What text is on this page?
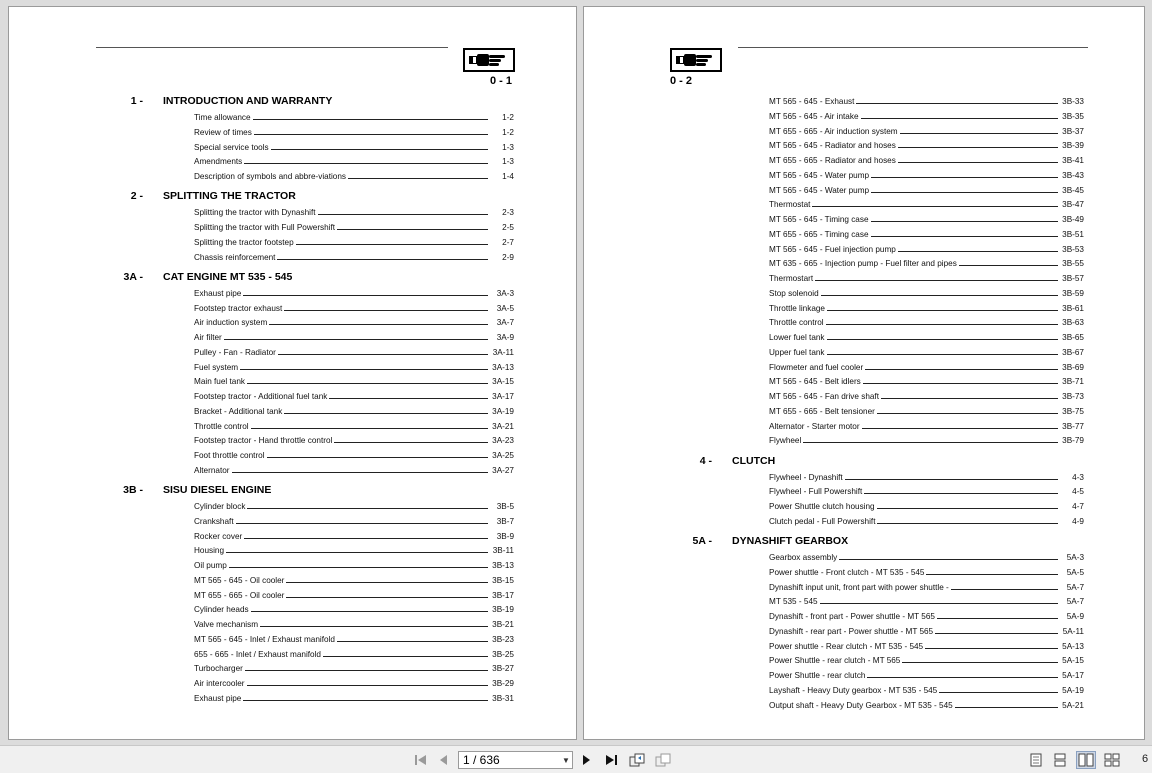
0 - 1
1 - INTRODUCTION AND WARRANTY
Time allowance	1-2
Review of times	1-2
Special service tools	1-3
Amendments	1-3
Description of symbols and abbre-viations	1-4
2 - SPLITTING THE TRACTOR
Splitting the tractor with Dynashift	2-3
Splitting the tractor with Full Powershift	2-5
Splitting the tractor footstep	2-7
Chassis reinforcement	2-9
3A - CAT ENGINE MT 535 - 545
Exhaust pipe	3A-3
Footstep tractor exhaust	3A-5
Air induction system	3A-7
Air filter	3A-9
Pulley - Fan - Radiator	3A-11
Fuel system	3A-13
Main fuel tank	3A-15
Footstep tractor - Additional fuel tank	3A-17
Bracket - Additional tank	3A-19
Throttle control	3A-21
Footstep tractor - Hand throttle control	3A-23
Foot throttle control	3A-25
Alternator	3A-27
3B - SISU DIESEL ENGINE
Cylinder block	3B-5
Crankshaft	3B-7
Rocker cover	3B-9
Housing	3B-11
Oil pump	3B-13
MT 565 - 645 - Oil cooler	3B-15
MT 655 - 665 - Oil cooler	3B-17
Cylinder heads	3B-19
Valve mechanism	3B-21
MT 565 - 645 - Inlet / Exhaust manifold	3B-23
655 - 665 - Inlet / Exhaust manifold	3B-25
Turbocharger	3B-27
Air intercooler	3B-29
Exhaust pipe	3B-31
0 - 2
MT 565 - 645 - Exhaust	3B-33
MT 565 - 645 - Air intake	3B-35
MT 655 - 665 - Air induction system	3B-37
MT 565 - 645 - Radiator and hoses	3B-39
MT 655 - 665 - Radiator and hoses	3B-41
MT 565 - 645 - Water pump	3B-43
MT 565 - 645 - Water pump	3B-45
Thermostat	3B-47
MT 565 - 645 - Timing case	3B-49
MT 655 - 665 - Timing case	3B-51
MT 565 - 645 - Fuel injection pump	3B-53
MT 635 - 665 - Injection pump - Fuel filter and pipes	3B-55
Thermostart	3B-57
Stop solenoid	3B-59
Throttle linkage	3B-61
Throttle control	3B-63
Lower fuel tank	3B-65
Upper fuel tank	3B-67
Flowmeter and fuel cooler	3B-69
MT 565 - 645 - Belt idlers	3B-71
MT 565 - 645 - Fan drive shaft	3B-73
MT 655 - 665 - Belt tensioner	3B-75
Alternator - Starter motor	3B-77
Flywheel	3B-79
4 - CLUTCH
Flywheel - Dynashift	4-3
Flywheel - Full Powershift	4-5
Power Shuttle clutch housing	4-7
Clutch pedal - Full Powershift	4-9
5A - DYNASHIFT GEARBOX
Gearbox assembly	5A-3
Power shuttle - Front clutch - MT 535 - 545	5A-5
Dynashift input unit, front part with power shuttle -	5A-7
MT 535 - 545	5A-7
Dynashift - front part - Power shuttle - MT 565	5A-9
Dynashift - rear part - Power shuttle - MT 565	5A-11
Power shuttle - Rear clutch - MT 535 - 545	5A-13
Power Shuttle - rear clutch - MT 565	5A-15
Power Shuttle - rear clutch	5A-17
Layshaft - Heavy Duty gearbox - MT 535 - 545	5A-19
Output shaft - Heavy Duty Gearbox - MT 535 - 545	5A-21
1 / 636	▼	6
